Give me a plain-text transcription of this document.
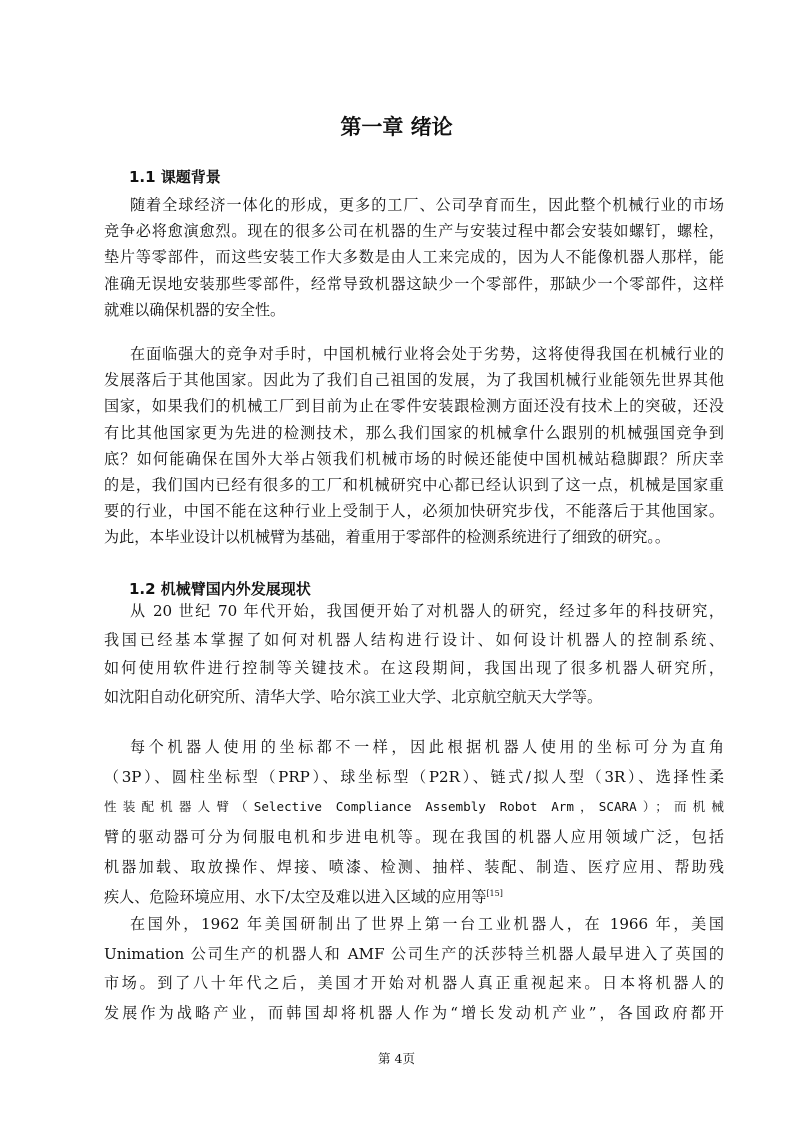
第一章 绪论
1.1 课题背景

随着全球经济一体化的形成，更多的工厂、公司孕育而生，因此整个机械行业的市场
竞争必将愈演愈烈。现在的很多公司在机器的生产与安装过程中都会安装如螺钉，螺栓，
垫片等零部件，而这些安装工作大多数是由人工来完成的，因为人不能像机器人那样，能
准确无误地安装那些零部件，经常导致机器这缺少一个零部件，那缺少一个零部件，这样
就难以确保机器的安全性。

在面临强大的竞争对手时，中国机械行业将会处于劣势，这将使得我国在机械行业的
发展落后于其他国家。因此为了我们自己祖国的发展，为了我国机械行业能领先世界其他
国家，如果我们的机械工厂到目前为止在零件安装跟检测方面还没有技术上的突破，还没
有比其他国家更为先进的检测技术，那么我们国家的机械拿什么跟别的机械强国竞争到
底？如何能确保在国外大举占领我们机械市场的时候还能使中国机械站稳脚跟？所庆幸
的是，我们国内已经有很多的工厂和机械研究中心都已经认识到了这一点，机械是国家重
要的行业，中国不能在这种行业上受制于人，必须加快研究步伐，不能落后于其他国家。
为此，本毕业设计以机械臂为基础，着重用于零部件的检测系统进行了细致的研究。。

1.2 机械臂国内外发展现状

从 20 世纪 70 年代开始，我国便开始了对机器人的研究，经过多年的科技研究，
我国已经基本掌握了如何对机器人结构进行设计、如何设计机器人的控制系统、
如何使用软件进行控制等关键技术。在这段期间，我国出现了很多机器人研究所，
如沈阳自动化研究所、清华大学、哈尔滨工业大学、北京航空航天大学等。

每个机器人使用的坐标都不一样，因此根据机器人使用的坐标可分为直角
（3P）、圆柱坐标型（PRP）、球坐标型（P2R）、链式/拟人型（3R）、选择性柔
性装配机器人臂（Selective Compliance Assembly Robot Arm，SCARA）；而机械
臂的驱动器可分为伺服电机和步进电机等。现在我国的机器人应用领域广泛，包括
机器加载、取放操作、焊接、喷漆、检测、抽样、装配、制造、医疗应用、帮助残
疾人、危险环境应用、水下/太空及难以进入区域的应用等[15]

在国外，1962 年美国研制出了世界上第一台工业机器人，在 1966 年，美国
Unimation 公司生产的机器人和 AMF 公司生产的沃莎特兰机器人最早进入了英国的
市场。到了八十年代之后，美国才开始对机器人真正重视起来。日本将机器人的
发展作为战略产业，而韩国却将机器人作为“增长发动机产业”，各国政府都开

第 4页
